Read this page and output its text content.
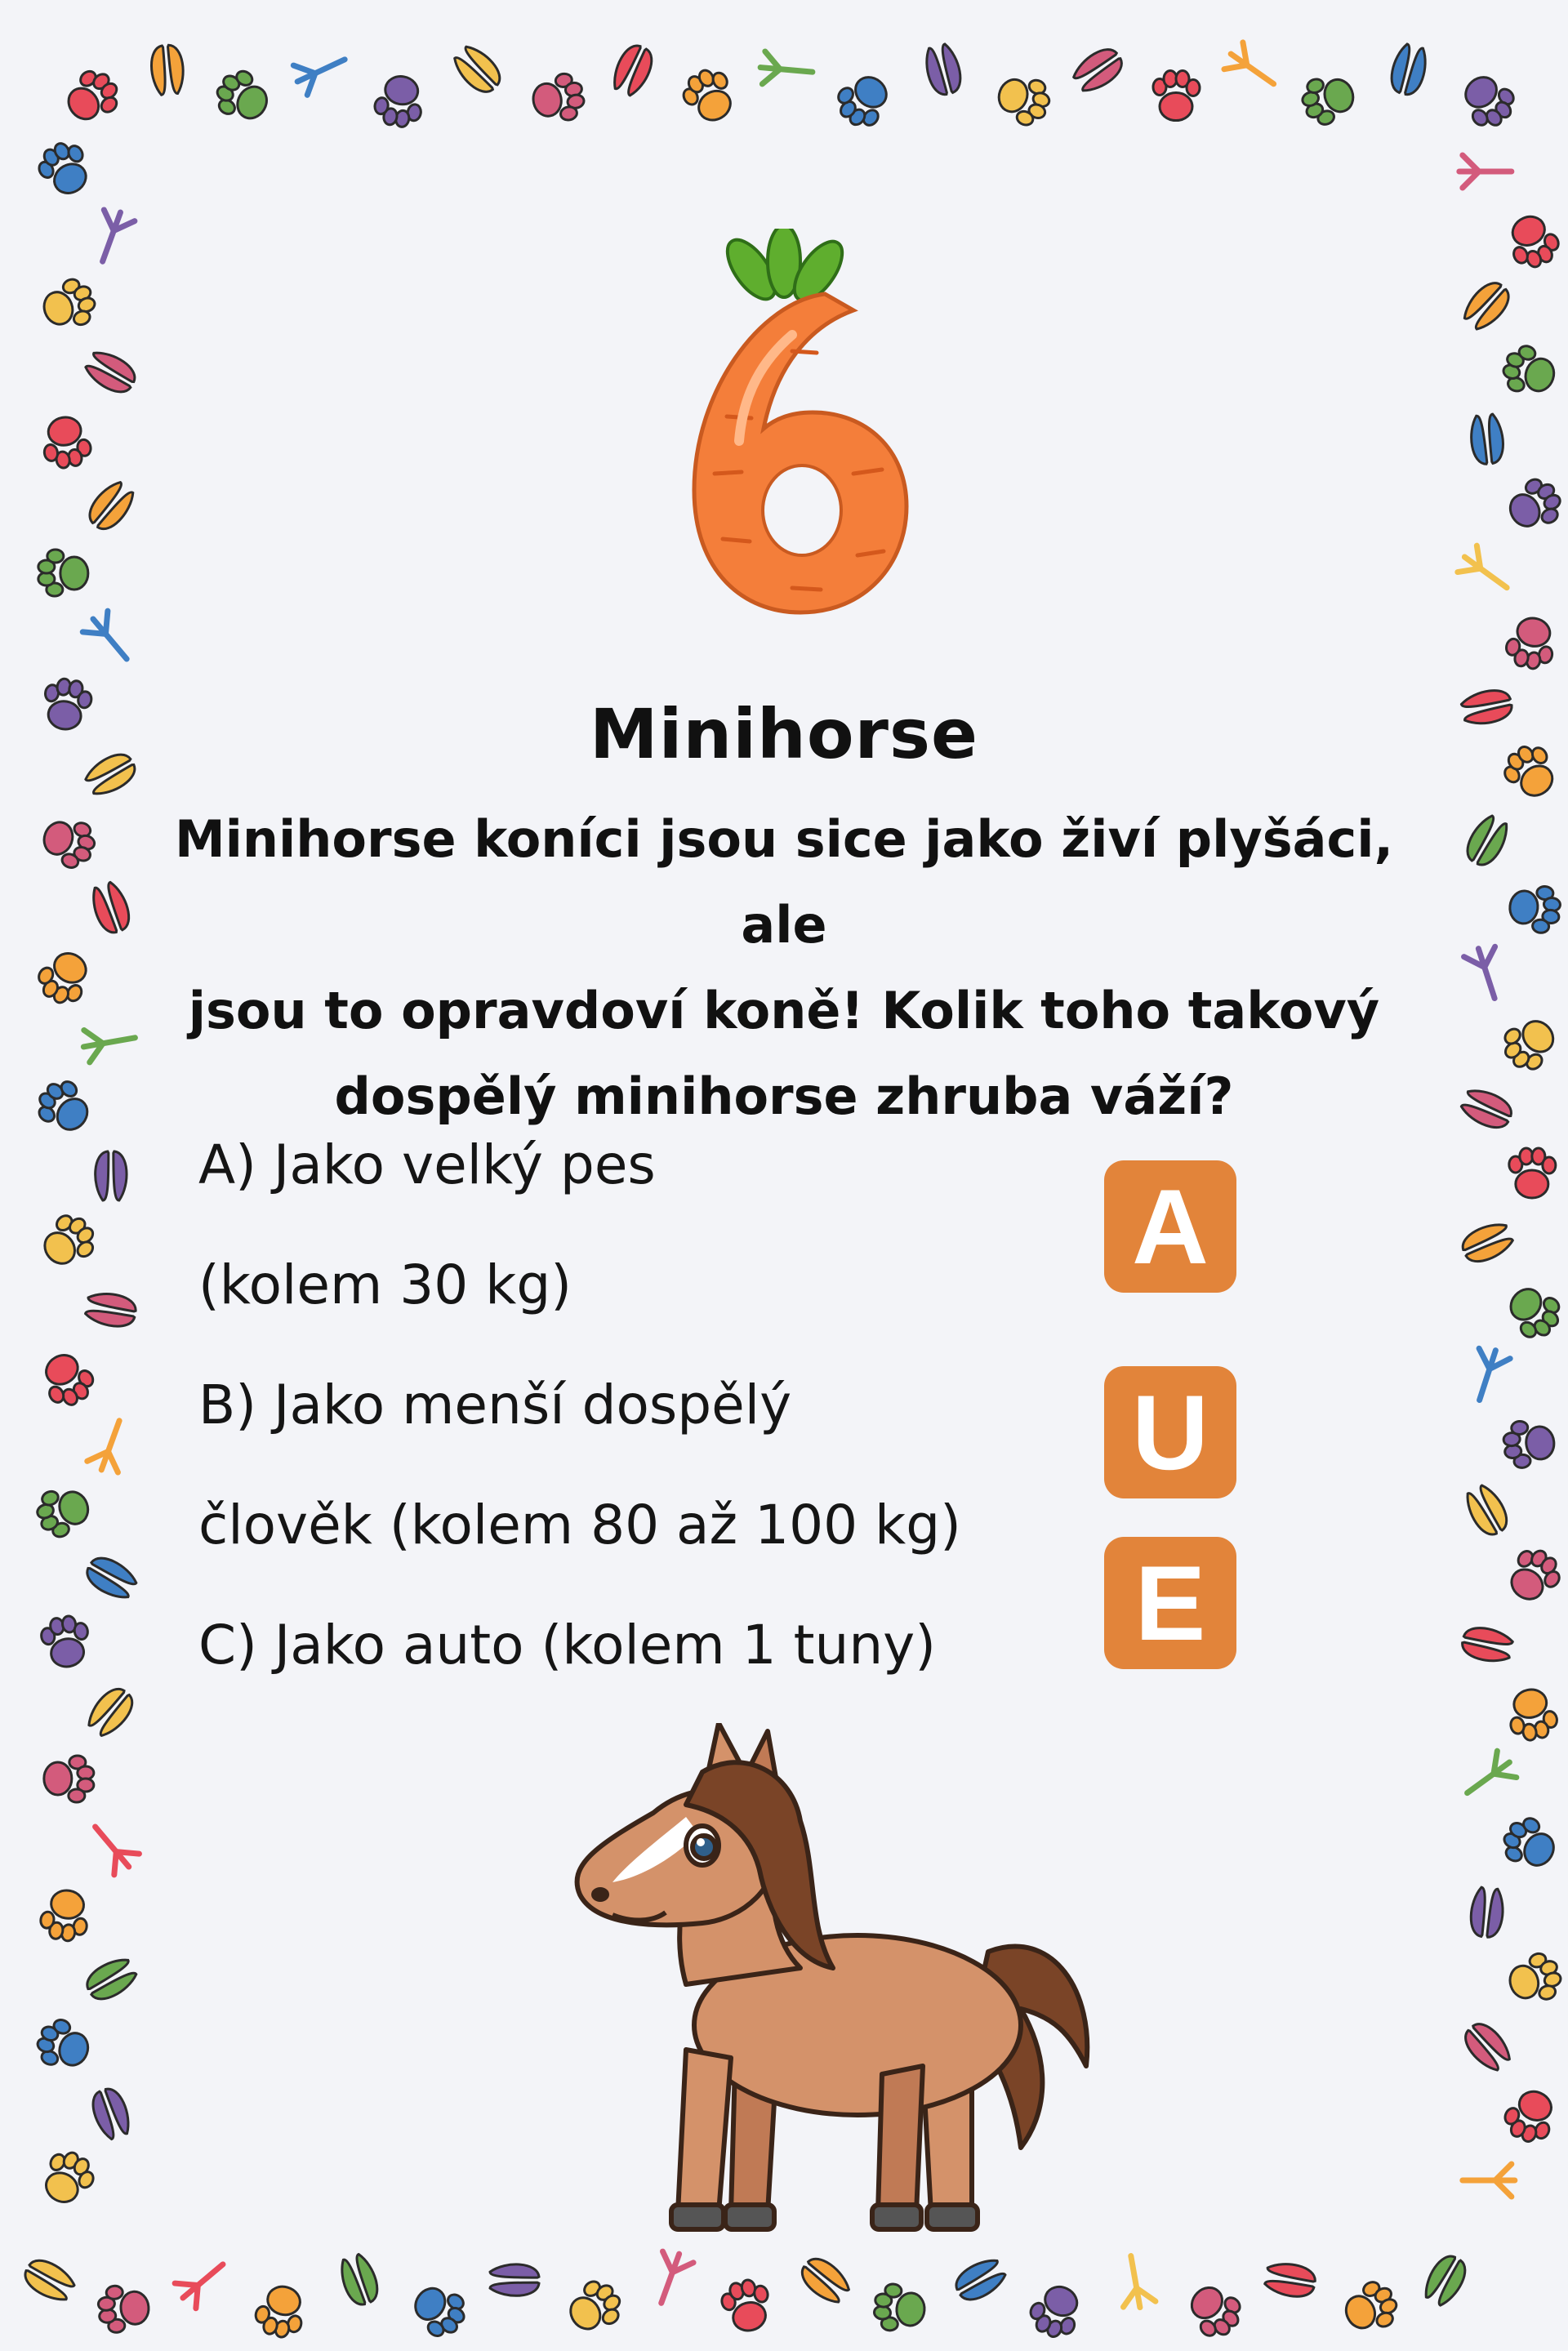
Minihorse
Minihorse koníci jsou sice jako živí plyšáci, ale
jsou to opravdoví koně! Kolik toho takový
dospělý minihorse zhruba váží?
A) Jako velký pes
(kolem 30 kg)
B) Jako menší dospělý
člověk (kolem 80 až 100 kg)
C) Jako auto (kolem 1 tuny)
A
U
E
